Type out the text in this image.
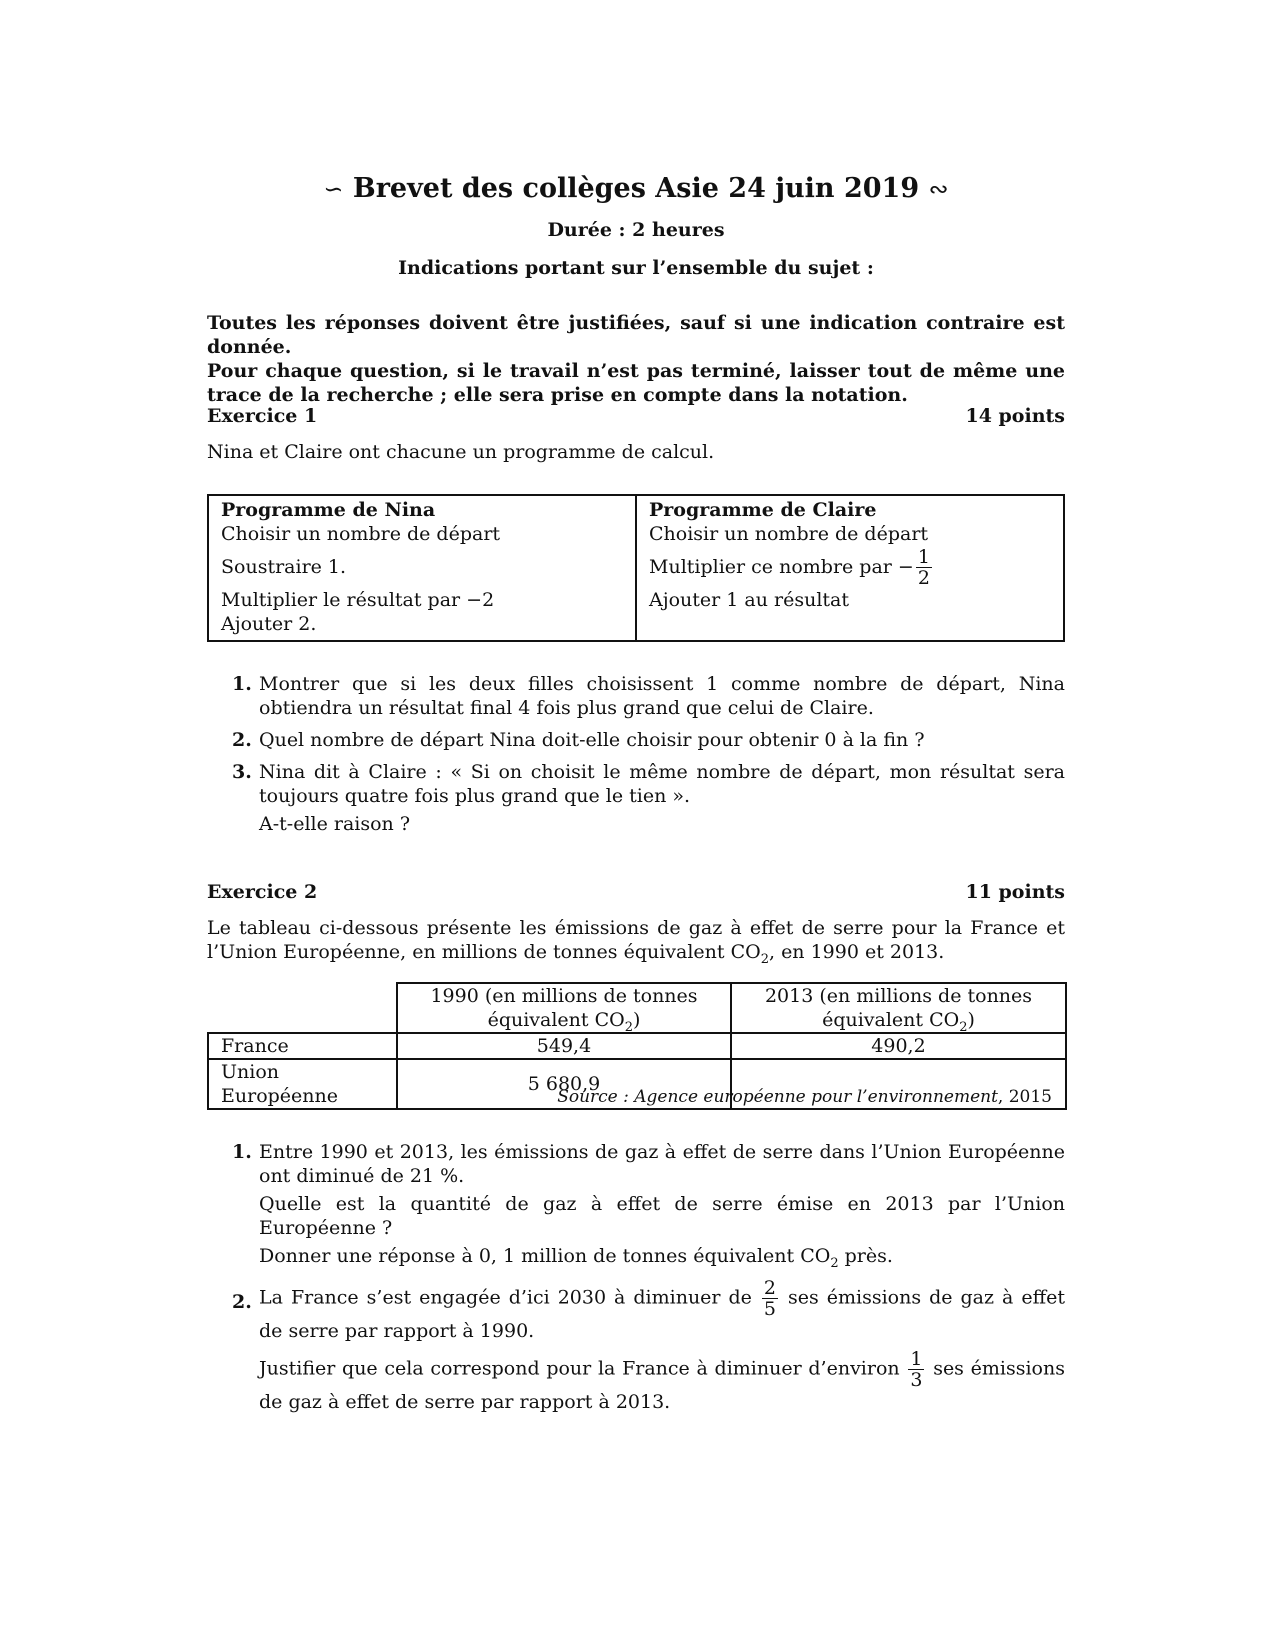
∽ Brevet des collèges Asie 24 juin 2019 ∾
Durée : 2 heures
Indications portant sur l’ensemble du sujet :

Toutes les réponses doivent être justifiées, sauf si une indication contraire est donnée.

Pour chaque question, si le travail n’est pas terminé, laisser tout de même une trace de la recherche ; elle sera prise en compte dans la notation.

Exercice 1	14 points
Nina et Claire ont chacune un programme de calcul.
Programme de Nina
Choisir un nombre de départ
Soustraire 1.
Multiplier le résultat par −2
Ajouter 2.

Programme de Claire
Choisir un nombre de départ
Multiplier ce nombre par − $\frac{1}{2}$
Ajouter 1 au résultat
1. Montrer que si les deux filles choisissent 1 comme nombre de départ, Nina obtiendra un résultat final 4 fois plus grand que celui de Claire.

2. Quel nombre de départ Nina doit-elle choisir pour obtenir 0 à la fin ?

3. Nina dit à Claire : « Si on choisit le même nombre de départ, mon résultat sera toujours quatre fois plus grand que le tien ».

A-t-elle raison ?

Exercice 2	11 points
Le tableau ci-dessous présente les émissions de gaz à effet de serre pour la France et l’Union Européenne, en millions de tonnes équivalent $CO_2$, en 1990 et 2013.
	1990 (en millions de tonnes équivalent $CO_2$)	2013 (en millions de tonnes équivalent $CO_2$)
France	549,4	490,2
Union Européenne	5 680,9	
Source : Agence européenne pour l’environnement, 2015
1. Entre 1990 et 2013, les émissions de gaz à effet de serre dans l’Union Européenne ont diminué de 21 %.

Quelle est la quantité de gaz à effet de serre émise en 2013 par l’Union Européenne ?

Donner une réponse à 0, 1 million de tonnes équivalent $CO_2$ près.

2. La France s’est engagée d’ici 2030 à diminuer de $\frac{2}{5}$ ses émissions de gaz à effet de serre par rapport à 1990.

Justifier que cela correspond pour la France à diminuer d’environ $\frac{1}{3}$ ses émissions de gaz à effet de serre par rapport à 2013.
